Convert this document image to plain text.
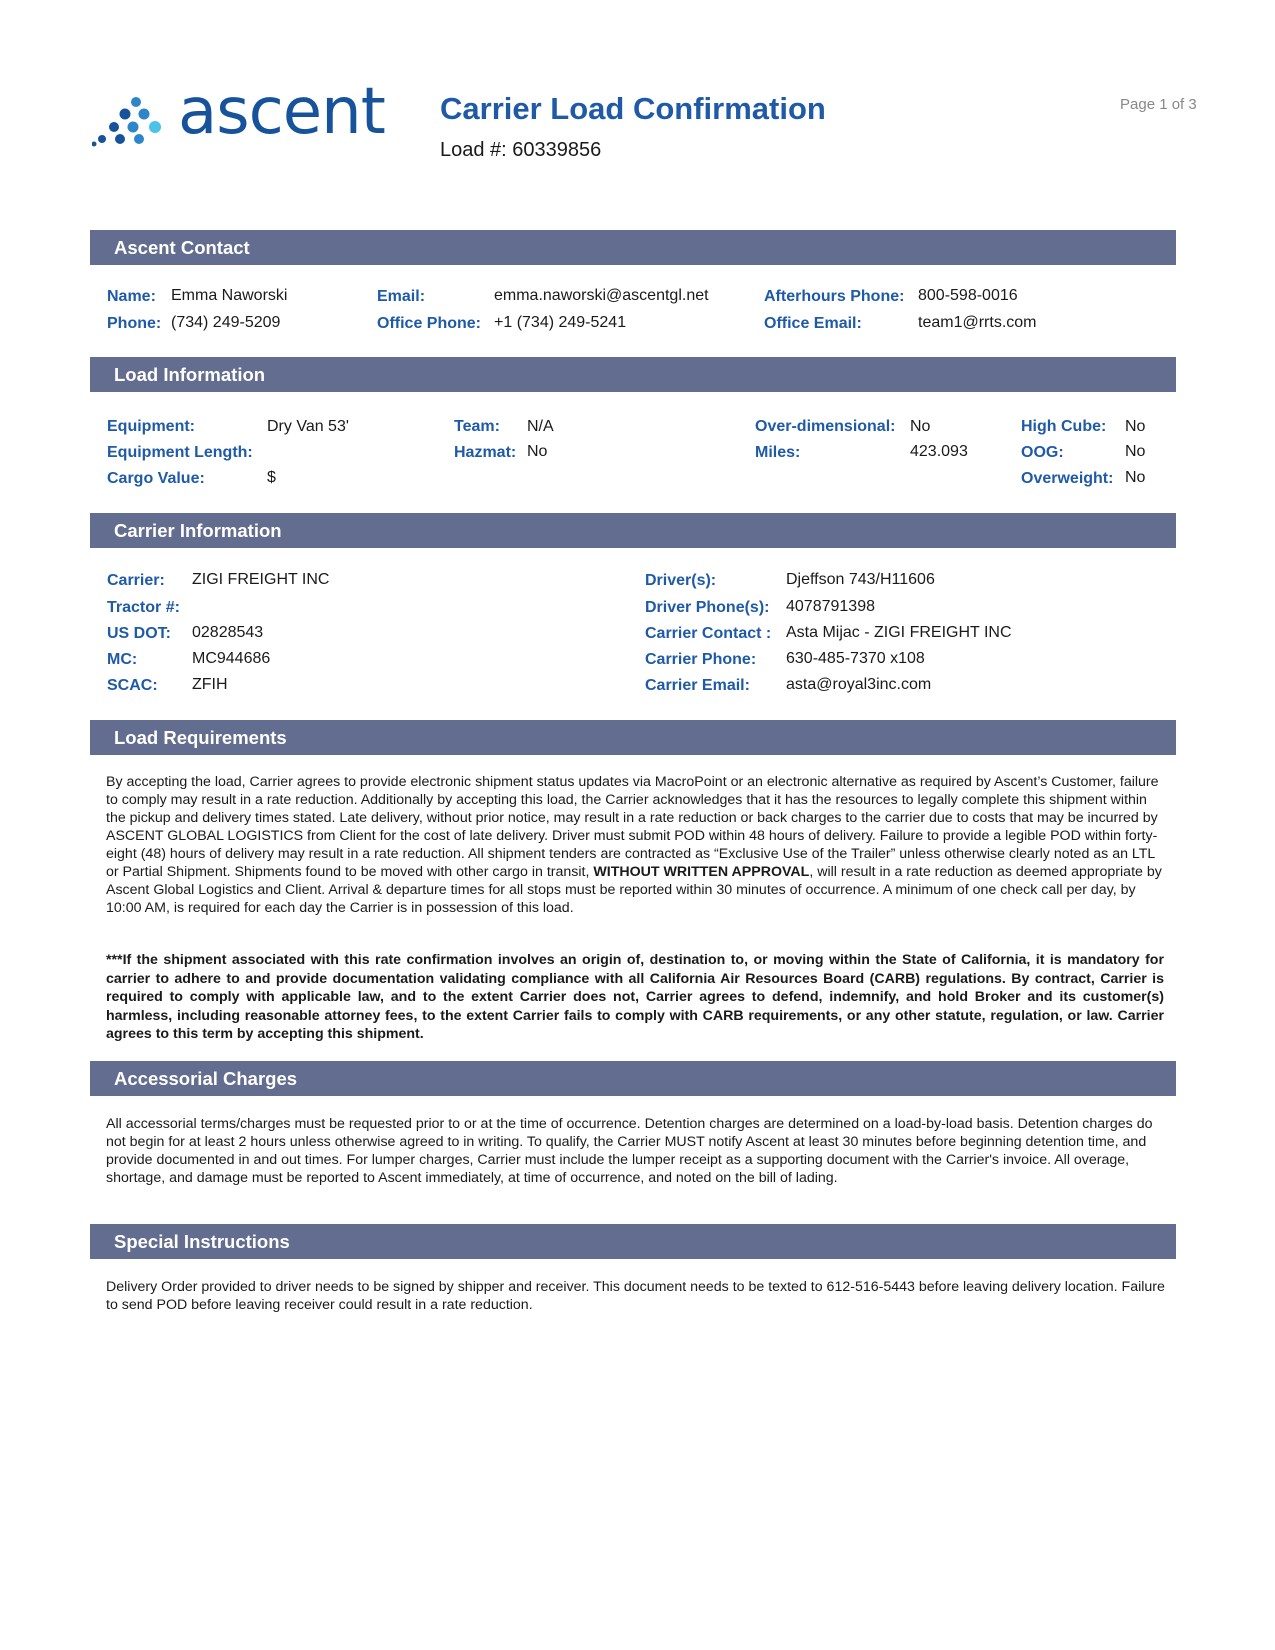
ascent Carrier Load Confirmation
Load #: 60339856
Page 1 of 3
Ascent Contact
Name: Emma Naworski	Email:	emma.naworski@ascentgl.net	Afterhours Phone: 800-598-0016
Phone: (734) 249-5209	Office Phone: +1 (734) 249-5241	Office Email:	team1@rrts.com
Load Information
Equipment:	Dry Van 53'	Team: N/A	Over-dimensional: No	High Cube: No
Equipment Length:	Hazmat: No	Miles:	423.093	OOG:	No
Cargo Value:	$	Overweight: No
Carrier Information
Carrier: ZIGI FREIGHT INC
Tractor #:
US DOT: 02828543
MC:	MC944686
SCAC: ZFIH
Driver(s):	Djeffson 743/H11606
Driver Phone(s): 4078791398
Carrier Contact : Asta Mijac - ZIGI FREIGHT INC
Carrier Phone: 630-485-7370 x108
Carrier Email: asta@royal3inc.com
Load Requirements
By accepting the load, Carrier agrees to provide electronic shipment status updates via MacroPoint or an electronic alternative as required by Ascent’s Customer, failure to comply may result in a rate reduction. Additionally by accepting this load, the Carrier acknowledges that it has the resources to legally complete this shipment within the pickup and delivery times stated. Late delivery, without prior notice, may result in a rate reduction or back charges to the carrier due to costs that may be incurred by ASCENT GLOBAL LOGISTICS from Client for the cost of late delivery. Driver must submit POD within 48 hours of delivery. Failure to provide a legible POD within forty-eight (48) hours of delivery may result in a rate reduction. All shipment tenders are contracted as “Exclusive Use of the Trailer” unless otherwise clearly noted as an LTL or Partial Shipment. Shipments found to be moved with other cargo in transit, WITHOUT WRITTEN APPROVAL, will result in a rate reduction as deemed appropriate by Ascent Global Logistics and Client. Arrival & departure times for all stops must be reported within 30 minutes of occurrence. A minimum of one check call per day, by 10:00 AM, is required for each day the Carrier is in possession of this load.
***If the shipment associated with this rate confirmation involves an origin of, destination to, or moving within the State of California, it is mandatory for carrier to adhere to and provide documentation validating compliance with all California Air Resources Board (CARB) regulations. By contract, Carrier is required to comply with applicable law, and to the extent Carrier does not, Carrier agrees to defend, indemnify, and hold Broker and its customer(s) harmless, including reasonable attorney fees, to the extent Carrier fails to comply with CARB requirements, or any other statute, regulation, or law. Carrier agrees to this term by accepting this shipment.
Accessorial Charges
All accessorial terms/charges must be requested prior to or at the time of occurrence. Detention charges are determined on a load-by-load basis. Detention charges do not begin for at least 2 hours unless otherwise agreed to in writing. To qualify, the Carrier MUST notify Ascent at least 30 minutes before beginning detention time, and provide documented in and out times. For lumper charges, Carrier must include the lumper receipt as a supporting document with the Carrier's invoice. All overage, shortage, and damage must be reported to Ascent immediately, at time of occurrence, and noted on the bill of lading.
Special Instructions
Delivery Order provided to driver needs to be signed by shipper and receiver. This document needs to be texted to 612-516-5443 before leaving delivery location. Failure to send POD before leaving receiver could result in a rate reduction.
